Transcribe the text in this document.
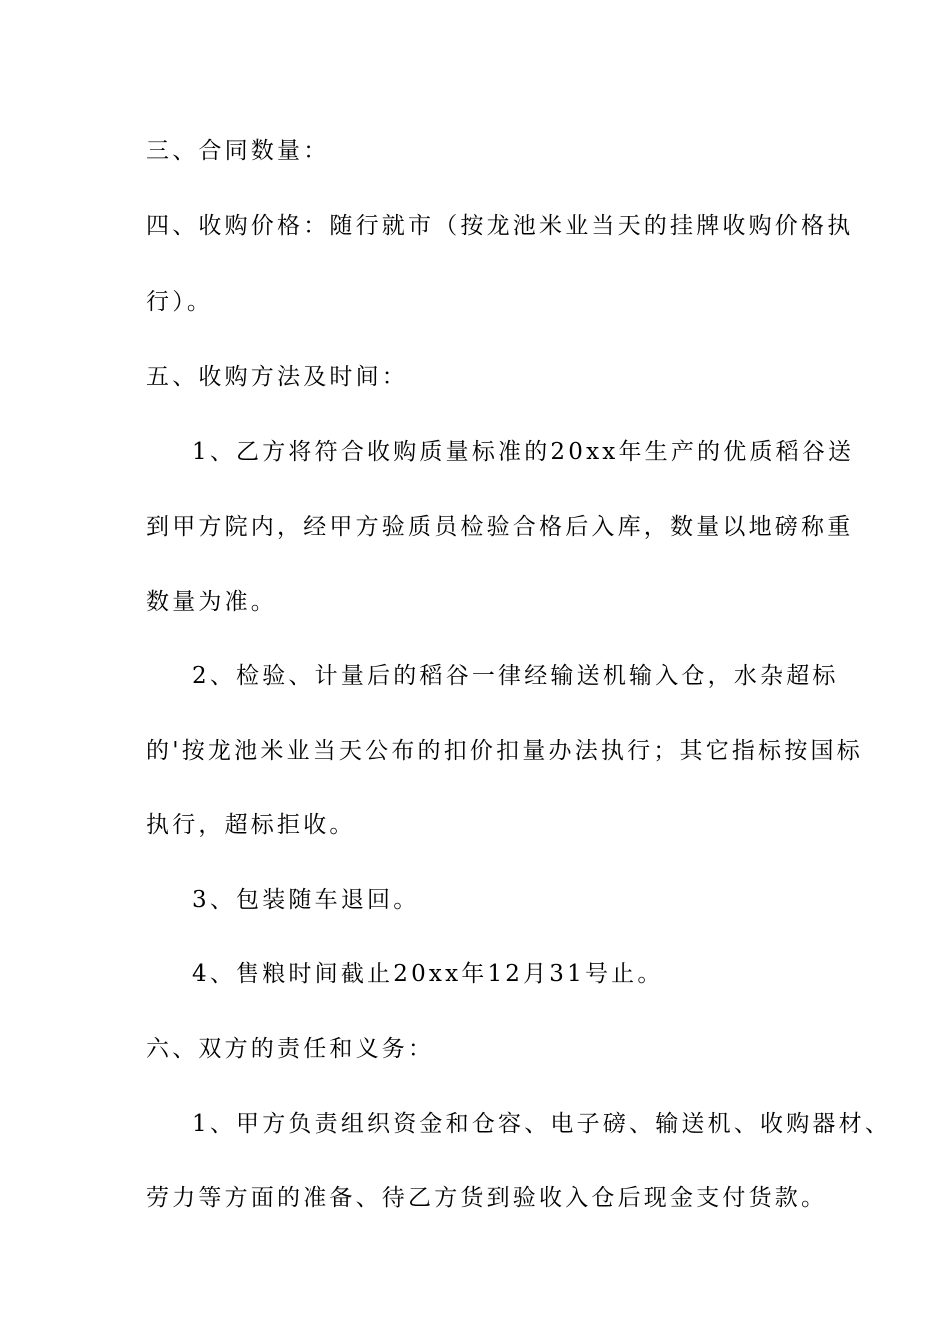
三、合同数量：
四、收购价格：随行就市（按龙池米业当天的挂牌收购价格执
行）。
五、收购方法及时间：
1、乙方将符合收购质量标准的20xx年生产的优质稻谷送
到甲方院内，经甲方验质员检验合格后入库，数量以地磅称重
数量为准。
2、检验、计量后的稻谷一律经输送机输入仓，水杂超标
的'按龙池米业当天公布的扣价扣量办法执行；其它指标按国标
执行，超标拒收。
3、包装随车退回。
4、售粮时间截止20xx年12月31号止。
六、双方的责任和义务：
1、甲方负责组织资金和仓容、电子磅、输送机、收购器材、
劳力等方面的准备、待乙方货到验收入仓后现金支付货款。
